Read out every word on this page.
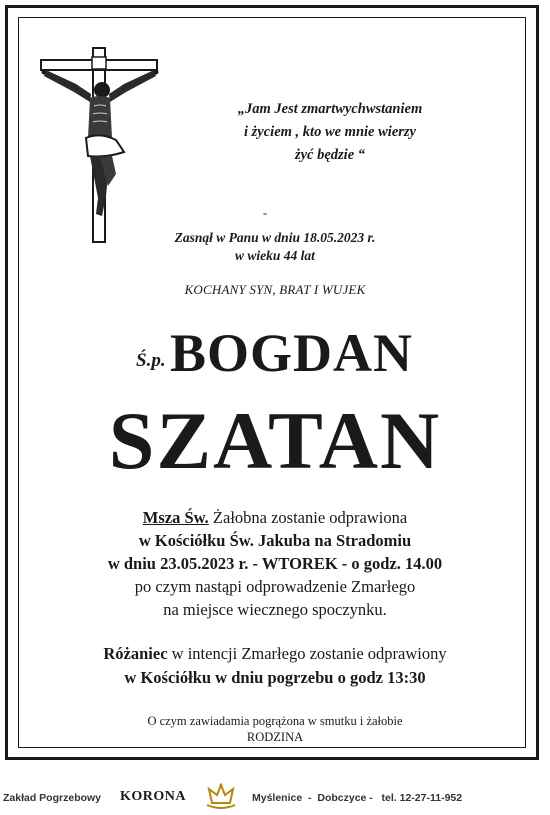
„Jam Jest zmartwychwstaniem
i życiem , kto we mnie wierzy
żyć będzie “
-
Zasnął w Panu w dniu 18.05.2023 r.
w wieku 44 lat
KOCHANY SYN, BRAT I WUJEK
Ś.p. BOGDAN
SZATAN
Msza Św. Żałobna zostanie odprawiona
w Kościółku Św. Jakuba na Stradomiu
w dniu 23.05.2023 r. - WTOREK - o godz. 14.00
po czym nastąpi odprowadzenie Zmarłego
na miejsce wiecznego spoczynku.
Różaniec w intencji Zmarłego zostanie odprawiony
w Kościółku w dniu pogrzebu o godz 13:30
O czym zawiadamia pogrążona w smutku i żałobie
RODZINA
Zakład Pogrzebowy KORONA	Myślenice  -  Dobczyce -   tel. 12-27-11-952
